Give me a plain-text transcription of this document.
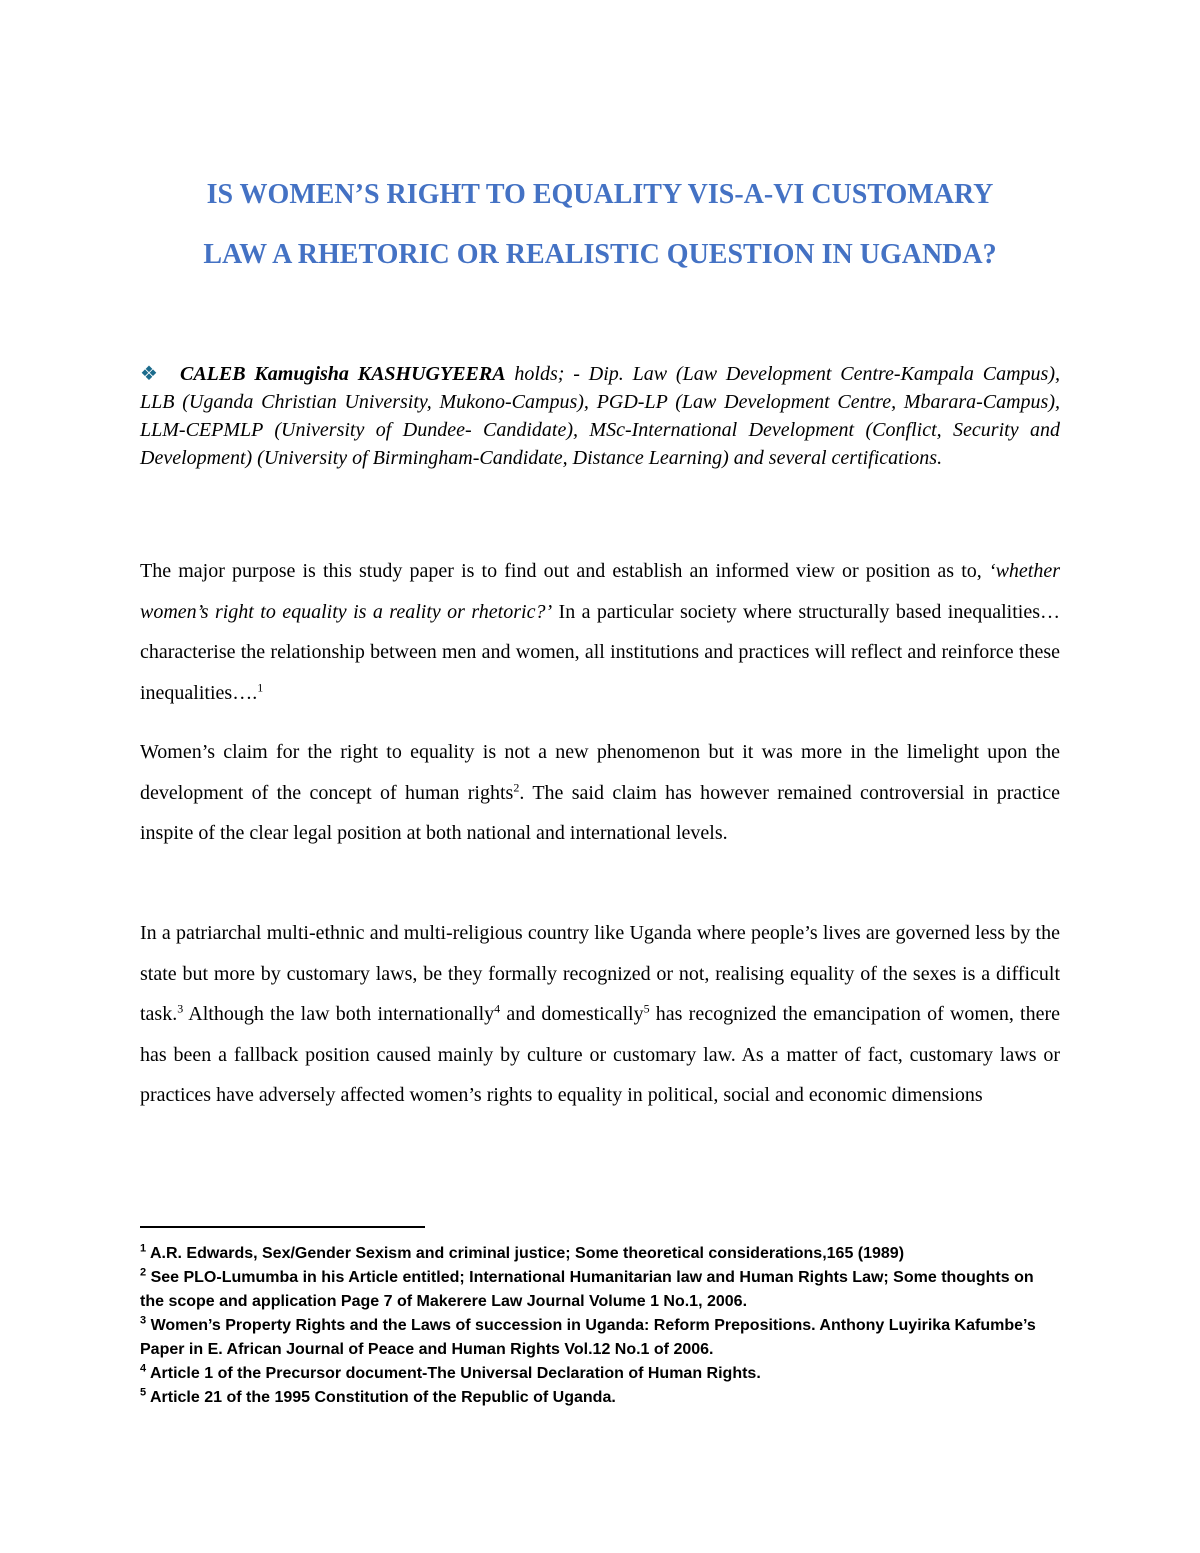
IS WOMEN’S RIGHT TO EQUALITY VIS-A-VI CUSTOMARY
LAW A RHETORIC OR REALISTIC QUESTION IN UGANDA?
❖ CALEB Kamugisha KASHUGYEERA holds; - Dip. Law (Law Development Centre-Kampala Campus), LLB (Uganda Christian University, Mukono-Campus), PGD-LP (Law Development Centre, Mbarara-Campus), LLM-CEPMLP (University of Dundee- Candidate), MSc-International Development (Conflict, Security and Development) (University of Birmingham-Candidate, Distance Learning) and several certifications.
The major purpose is this study paper is to find out and establish an informed view or position as to, ‘whether women’s right to equality is a reality or rhetoric?’ In a particular society where structurally based inequalities…characterise the relationship between men and women, all institutions and practices will reflect and reinforce these inequalities….$^1$
Women’s claim for the right to equality is not a new phenomenon but it was more in the limelight upon the development of the concept of human rights$^2$. The said claim has however remained controversial in practice inspite of the clear legal position at both national and international levels.
In a patriarchal multi-ethnic and multi-religious country like Uganda where people’s lives are governed less by the state but more by customary laws, be they formally recognized or not, realising equality of the sexes is a difficult task.$^3$ Although the law both internationally$^4$ and domestically$^5$ has recognized the emancipation of women, there has been a fallback position caused mainly by culture or customary law. As a matter of fact, customary laws or practices have adversely affected women’s rights to equality in political, social and economic dimensions
$^1$ A.R. Edwards, Sex/Gender Sexism and criminal justice; Some theoretical considerations,165 (1989)
$^2$ See PLO-Lumumba in his Article entitled; International Humanitarian law and Human Rights Law; Some thoughts on the scope and application Page 7 of Makerere Law Journal Volume 1 No.1, 2006.
$^3$ Women’s Property Rights and the Laws of succession in Uganda: Reform Prepositions. Anthony Luyirika Kafumbe’s Paper in E. African Journal of Peace and Human Rights Vol.12 No.1 of 2006.
$^4$ Article 1 of the Precursor document-The Universal Declaration of Human Rights.
$^5$ Article 21 of the 1995 Constitution of the Republic of Uganda.
